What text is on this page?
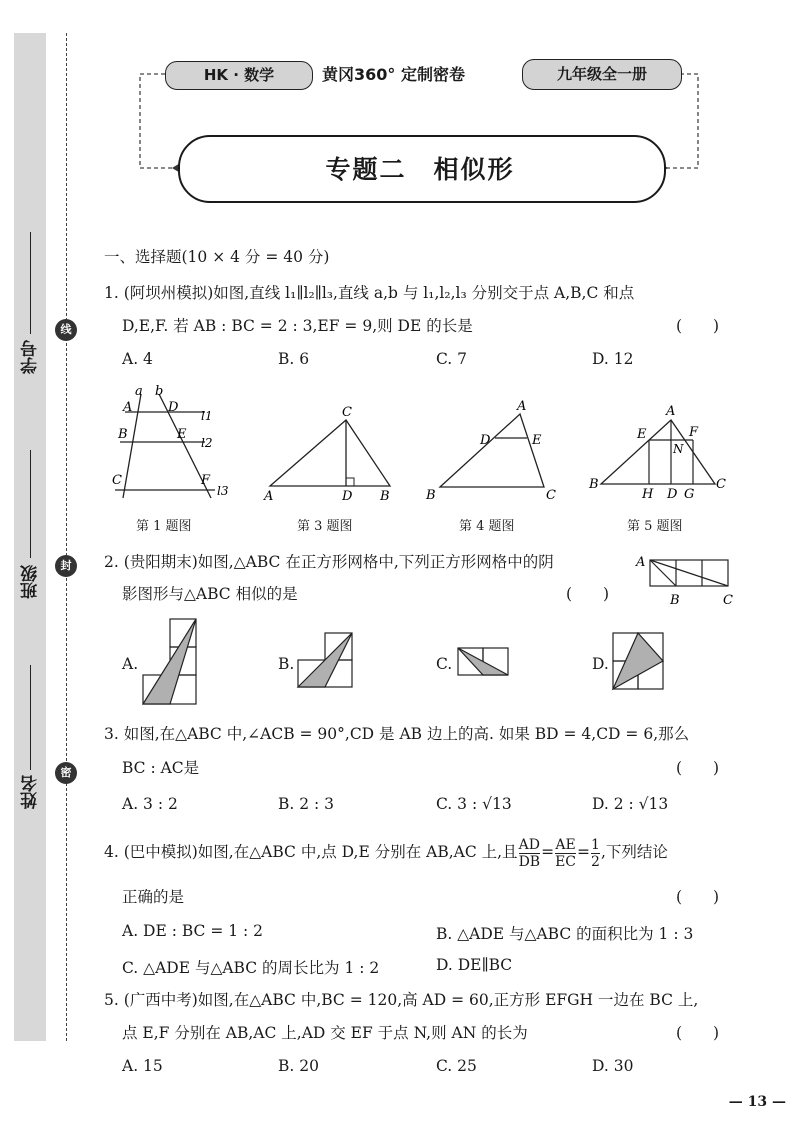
学号
班级
姓名
线
封
密
HK · 数学	黄冈360° 定制密卷	九年级全一册
专题二　相似形
一、选择题(10 × 4 分 = 40 分)
1. (阿坝州模拟)如图,直线 l₁∥l₂∥l₃,直线 a,b 与 l₁,l₂,l₃ 分别交于点 A,B,C 和点
D,E,F. 若 AB : BC = 2 : 3,EF = 9,则 DE 的长是	(　　)
A. 4	B. 6	C. 7	D. 12
a b
A	D
l1
B	E
l2
C	F
l3
C
A	D B
A
D	E
B	C
A
E	F
N
B
H D G
C
第 1 题图	第 3 题图	第 4 题图	第 5 题图
2. (贵阳期末)如图,△ABC 在正方形网格中,下列正方形网格中的阴
影图形与△ABC 相似的是	(　　)
A
B	C
A.	B.	C.	D.
3. 如图,在△ABC 中,∠ACB = 90°,CD 是 AB 边上的高. 如果 BD = 4,CD = 6,那么
BC : AC是	(　　)
A. 3 : 2	B. 2 : 3	C. 3 : √13	D. 2 : √13
4. (巴中模拟)如图,在△ABC 中,点 D,E 分别在 AB,AC 上,且 $\frac{AD}{DB} = \frac{AE}{EC} = \frac{1}{2}$ ,下列结论
正确的是	(　　)
A. DE : BC = 1 : 2	B. △ADE 与△ABC 的面积比为 1 : 3
C. △ADE 与△ABC 的周长比为 1 : 2	D. DE∥BC
5. (广西中考)如图,在△ABC 中,BC = 120,高 AD = 60,正方形 EFGH 一边在 BC 上,
点 E,F 分别在 AB,AC 上,AD 交 EF 于点 N,则 AN 的长为	(　　)
A. 15	B. 20	C. 25	D. 30
— 13 —
